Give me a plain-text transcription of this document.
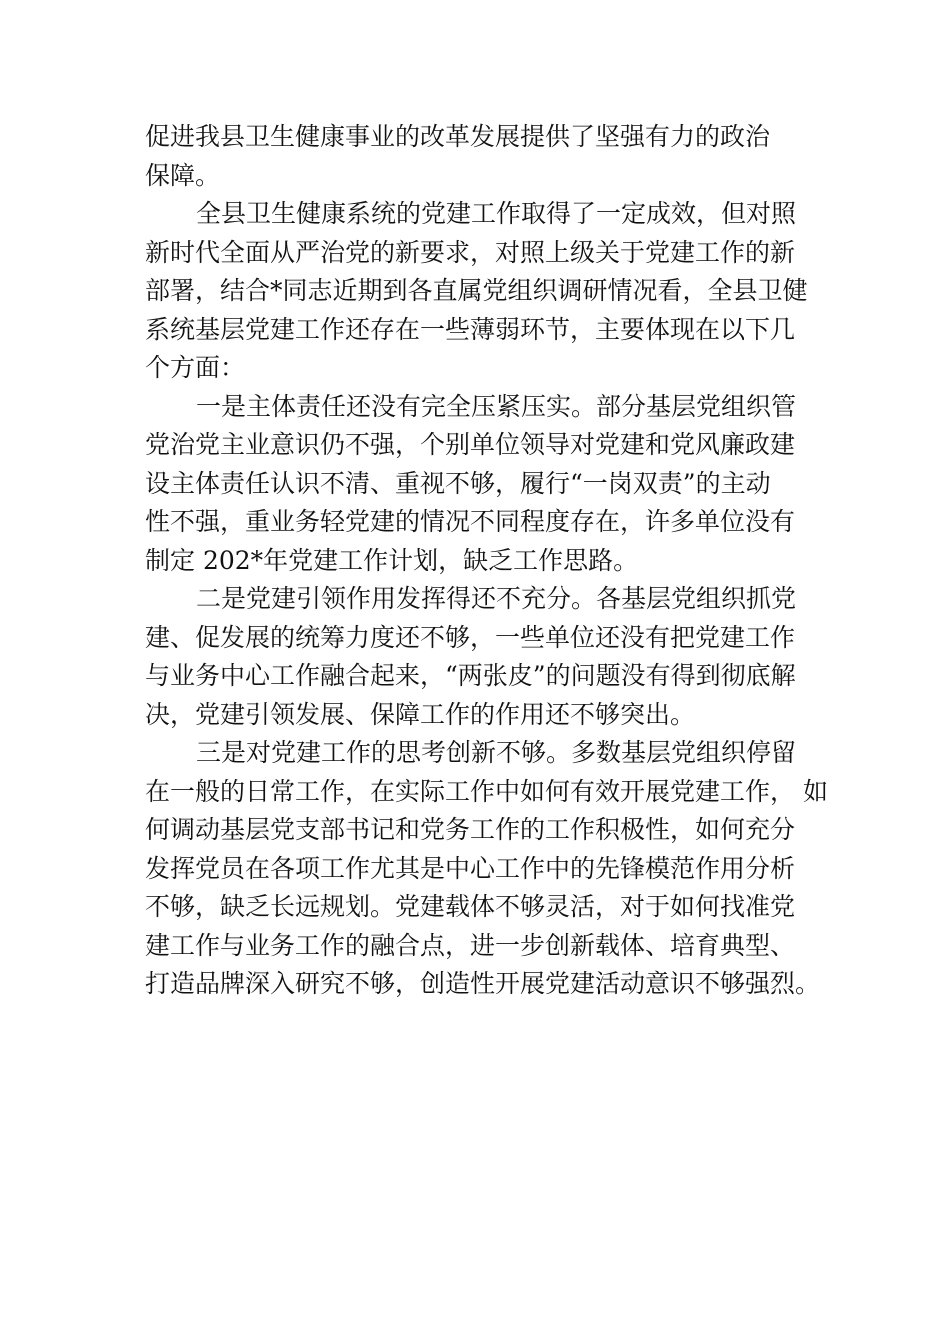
促进我县卫生健康事业的改革发展提供了坚强有力的政治
保障。

全县卫生健康系统的党建工作取得了一定成效，但对照
新时代全面从严治党的新要求，对照上级关于党建工作的新
部署，结合*同志近期到各直属党组织调研情况看，全县卫健
系统基层党建工作还存在一些薄弱环节，主要体现在以下几
个方面：

一是主体责任还没有完全压紧压实。部分基层党组织管
党治党主业意识仍不强，个别单位领导对党建和党风廉政建
设主体责任认识不清、重视不够，履行“一岗双责”的主动
性不强，重业务轻党建的情况不同程度存在，许多单位没有
制定 202*年党建工作计划，缺乏工作思路。

二是党建引领作用发挥得还不充分。各基层党组织抓党
建、促发展的统筹力度还不够，一些单位还没有把党建工作
与业务中心工作融合起来，“两张皮”的问题没有得到彻底解
决，党建引领发展、保障工作的作用还不够突出。

三是对党建工作的思考创新不够。多数基层党组织停留
在一般的日常工作，在实际工作中如何有效开展党建工作， 如
何调动基层党支部书记和党务工作的工作积极性，如何充分
发挥党员在各项工作尤其是中心工作中的先锋模范作用分析
不够，缺乏长远规划。党建载体不够灵活，对于如何找准党
建工作与业务工作的融合点，进一步创新载体、培育典型、
打造品牌深入研究不够，创造性开展党建活动意识不够强烈。
